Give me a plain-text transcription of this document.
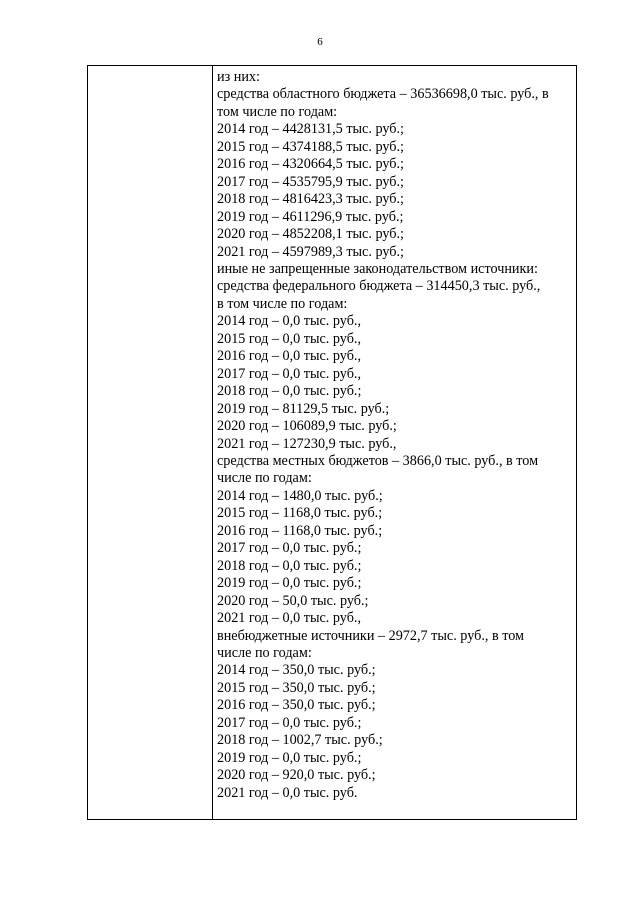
6

из них:
средства областного бюджета – 36536698,0 тыс. руб., в
том числе по годам:
2014 год – 4428131,5 тыс. руб.;
2015 год – 4374188,5 тыс. руб.;
2016 год – 4320664,5 тыс. руб.;
2017 год – 4535795,9 тыс. руб.;
2018 год – 4816423,3 тыс. руб.;
2019 год – 4611296,9 тыс. руб.;
2020 год – 4852208,1 тыс. руб.;
2021 год – 4597989,3 тыс. руб.;
иные не запрещенные законодательством источники:
средства федерального бюджета – 314450,3 тыс. руб.,
в том числе по годам:
2014 год – 0,0 тыс. руб.,
2015 год – 0,0 тыс. руб.,
2016 год – 0,0 тыс. руб.,
2017 год – 0,0 тыс. руб.,
2018 год – 0,0 тыс. руб.;
2019 год – 81129,5 тыс. руб.;
2020 год – 106089,9 тыс. руб.;
2021 год – 127230,9 тыс. руб.,
средства местных бюджетов – 3866,0 тыс. руб., в том
числе по годам:
2014 год – 1480,0 тыс. руб.;
2015 год – 1168,0 тыс. руб.;
2016 год – 1168,0 тыс. руб.;
2017 год – 0,0 тыс. руб.;
2018 год – 0,0 тыс. руб.;
2019 год – 0,0 тыс. руб.;
2020 год – 50,0 тыс. руб.;
2021 год – 0,0 тыс. руб.,
внебюджетные источники – 2972,7 тыс. руб., в том
числе по годам:
2014 год – 350,0 тыс. руб.;
2015 год – 350,0 тыс. руб.;
2016 год – 350,0 тыс. руб.;
2017 год – 0,0 тыс. руб.;
2018 год – 1002,7 тыс. руб.;
2019 год – 0,0 тыс. руб.;
2020 год – 920,0 тыс. руб.;
2021 год – 0,0 тыс. руб.
